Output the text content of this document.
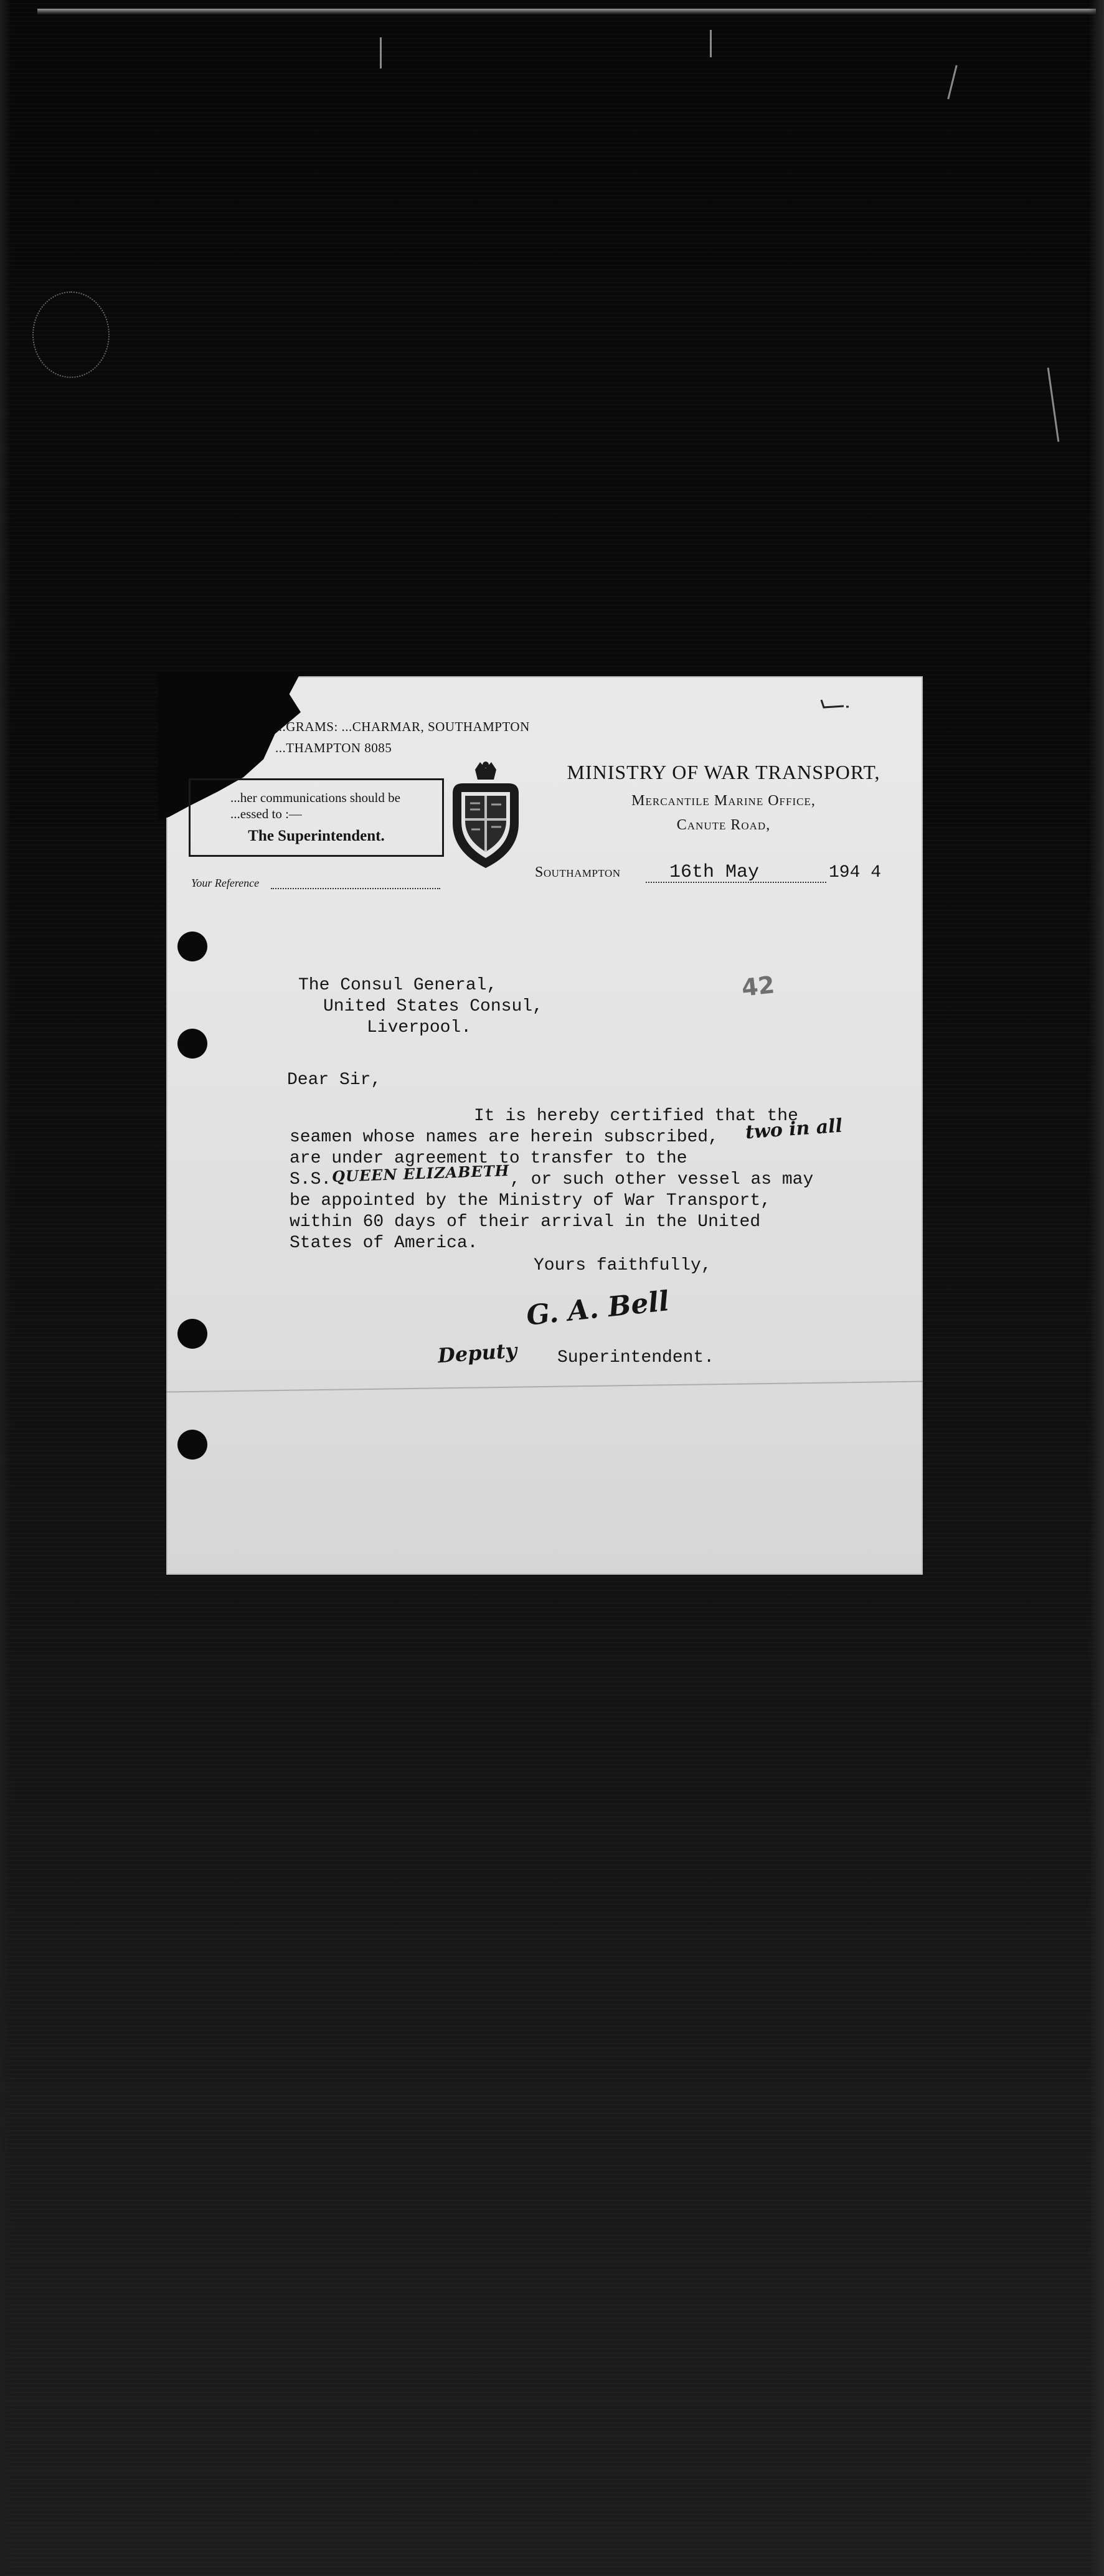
...GRAMS: ...CHARMAR, SOUTHAMPTON
...THAMPTON 8085
...her communications should be
...essed to :—
The Superintendent.
MINISTRY OF WAR TRANSPORT,
Mercantile Marine Office,
Canute Road,
Your Reference
Southampton	16th May	194 4
42
The Consul General,
United States Consul,
Liverpool.
Dear Sir,
It is hereby certified that the
seamen whose names are herein subscribed, two in all
are under agreement to transfer to the
S.S. QUEEN ELIZABETH , or such other vessel as may
be appointed by the Ministry of War Transport,
within 60 days of their arrival in the United
States of America.
Yours faithfully,
G. A. Bell
Deputy Superintendent.
